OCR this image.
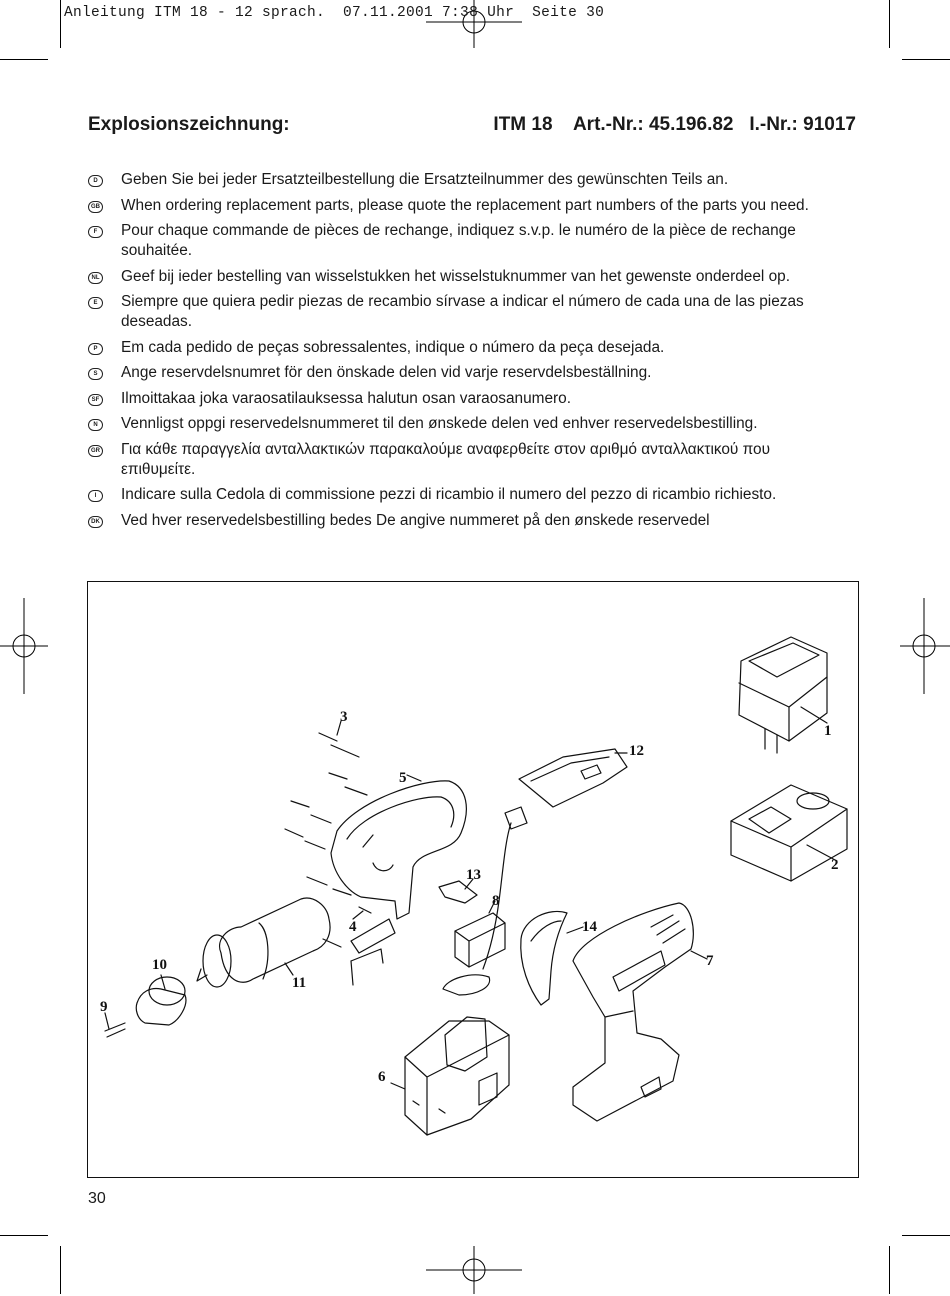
Anleitung ITM 18 - 12 sprach.  07.11.2001 7:38 Uhr  Seite 30
Explosionszeichnung:	ITM 18    Art.-Nr.: 45.196.82   I.-Nr.: 91017
D	Geben Sie bei jeder Ersatzteilbestellung die Ersatzteilnummer des gewünschten Teils an.
GB When ordering replacement parts, please quote the replacement part numbers of the parts you need.
F	Pour chaque commande de pièces de rechange, indiquez s.v.p. le numéro de la pièce de rechange souhaitée.
NL Geef bij ieder bestelling van wisselstukken het wisselstuknummer van het gewenste onderdeel op.
E	Siempre que quiera pedir piezas de recambio sírvase a indicar el número de cada una de las piezas deseadas.
P	Em cada pedido de peças sobressalentes, indique o número da peça desejada.
S	Ange reservdelsnumret för den önskade delen vid varje reservdelsbeställning.
SF Ilmoittakaa joka varaosatilauksessa halutun osan varaosanumero.
N	Vennligst oppgi reservedelsnummeret til den ønskede delen ved enhver reservedelsbestilling.
GR Για κάθε παραγγελία ανταλλακτικών παρακαλούμε αναφερθείτε στον αριθμό ανταλλακτικού που επιθυμείτε.
I	Indicare sulla Cedola di commissione pezzi di ricambio il numero del pezzo di ricambio richiesto.
DK Ved hver reservedelsbestilling bedes De angive nummeret på den ønskede reservedel
1
2
3
4
5
6
7
8
9
10
11
12
13
14
30
